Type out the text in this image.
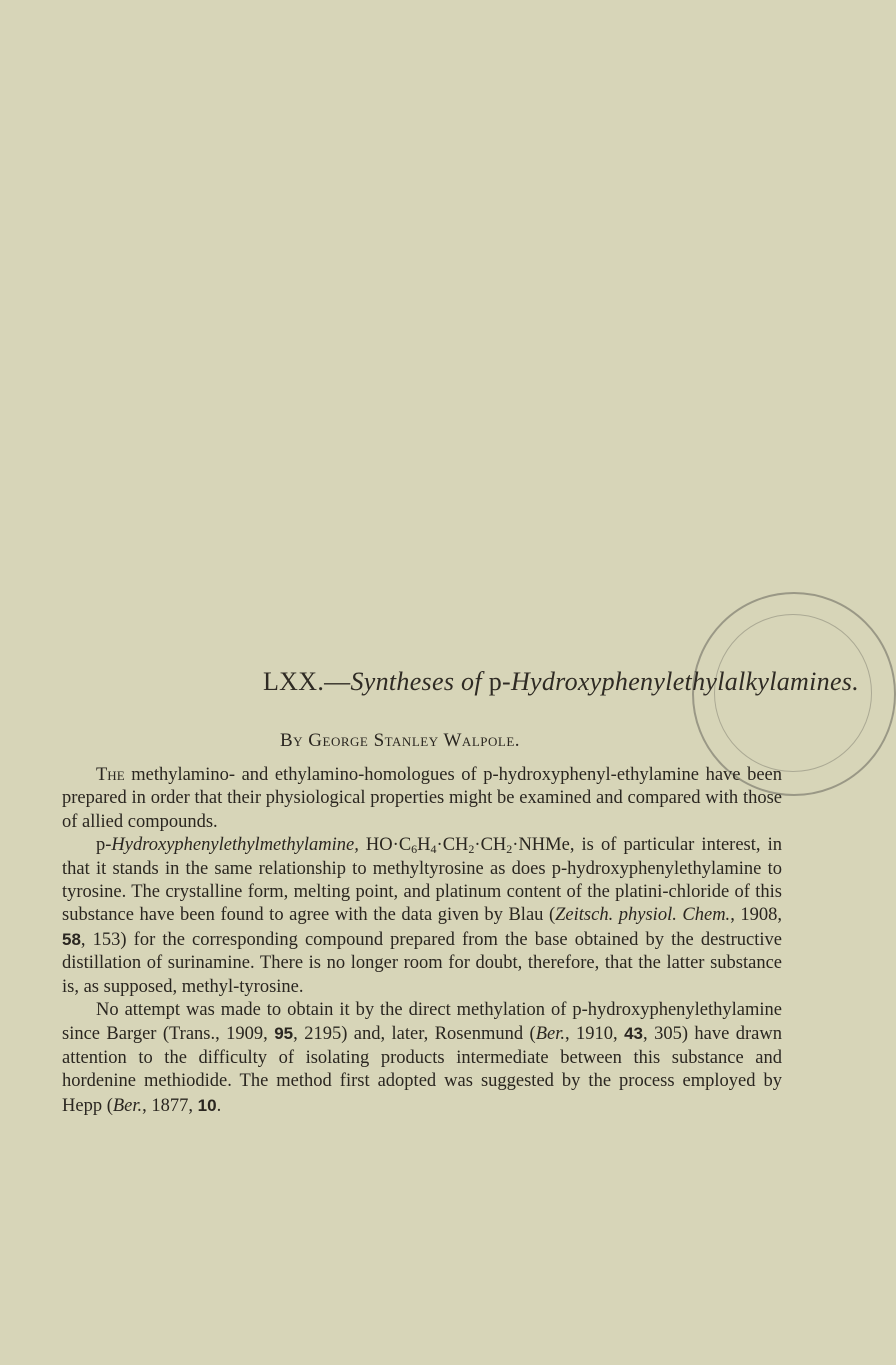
LXX.—Syntheses of p-Hydroxyphenylethylalkylamines.
By George Stanley Walpole.

The methylamino- and ethylamino-homologues of p-hydroxyphenyl-ethylamine have been prepared in order that their physiological properties might be examined and compared with those of allied compounds.

p-Hydroxyphenylethylmethylamine, $HO\cdot C_6H_4\cdot CH_2\cdot CH_2\cdot NHMe$, is of particular interest, in that it stands in the same relationship to methyltyrosine as does p-hydroxyphenylethylamine to tyrosine. The crystalline form, melting point, and platinum content of the platini-chloride of this substance have been found to agree with the data given by Blau (Zeitsch. physiol. Chem., 1908, 58, 153) for the corresponding compound prepared from the base obtained by the destructive distillation of surinamine. There is no longer room for doubt, therefore, that the latter substance is, as supposed, methyl-tyrosine.

No attempt was made to obtain it by the direct methylation of p-hydroxyphenylethylamine since Barger (Trans., 1909, 95, 2195) and, later, Rosenmund (Ber., 1910, 43, 305) have drawn attention to the difficulty of isolating products intermediate between this substance and hordenine methiodide. The method first adopted was suggested by the process employed by Hepp (Ber., 1877, 10.
